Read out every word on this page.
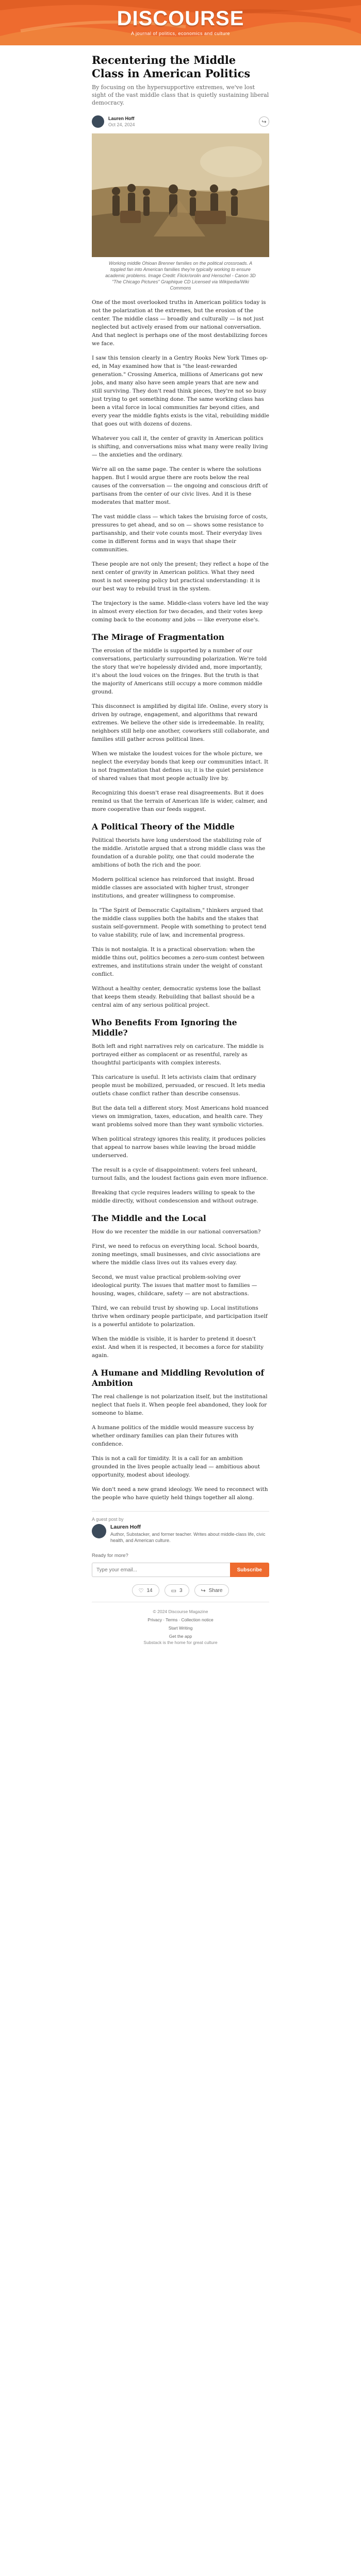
DISCOURSE
A journal of politics, economics and culture
Recentering the Middle Class in American Politics

By focusing on the hypersupportive extremes, we've lost sight of the vast middle class that is quietly sustaining liberal democracy.

Lauren Hoff
Oct 24, 2024	↪
Working middle Ohioan Brenner families on the political crossroads. A toppled fan into American families they're typically working to ensure academic problems. Image Credit: Flickr/orolin and Henschel - Canon 3D "The Chicago Pictures" Graphique CD Licensed via Wikipedia/Wiki Commons

One of the most overlooked truths in American politics today is not the polarization at the extremes, but the erosion of the center. The middle class — broadly and culturally — is not just neglected but actively erased from our national conversation. And that neglect is perhaps one of the most destabilizing forces we face.

I saw this tension clearly in a Gentry Rooks New York Times op-ed, in May examined how that is "the least-rewarded generation." Crossing America, millions of Americans got new jobs, and many also have seen ample years that are new and still surviving. They don't read think pieces, they're not so busy just trying to get something done. The same working class has been a vital force in local communities far beyond cities, and every year the middle fights exists is the vital, rebuilding middle that goes out with dozens of dozens.

Whatever you call it, the center of gravity in American politics is shifting, and conversations miss what many were really living — the anxieties and the ordinary.

We're all on the same page. The center is where the solutions happen. But I would argue there are roots below the real causes of the conversation — the ongoing and conscious drift of partisans from the center of our civic lives. And it is these moderates that matter most.

The vast middle class — which takes the bruising force of costs, pressures to get ahead, and so on — shows some resistance to partisanship, and their vote counts most. Their everyday lives come in different forms and in ways that shape their communities.

These people are not only the present; they reflect a hope of the next center of gravity in American politics. What they need most is not sweeping policy but practical understanding: it is our best way to rebuild trust in the system.

The trajectory is the same. Middle-class voters have led the way in almost every election for two decades, and their votes keep coming back to the economy and jobs — like everyone else's.

The Mirage of Fragmentation

The erosion of the middle is supported by a number of our conversations, particularly surrounding polarization. We're told the story that we're hopelessly divided and, more importantly, it's about the loud voices on the fringes. But the truth is that the majority of Americans still occupy a more common middle ground.

This disconnect is amplified by digital life. Online, every story is driven by outrage, engagement, and algorithms that reward extremes. We believe the other side is irredeemable. In reality, neighbors still help one another, coworkers still collaborate, and families still gather across political lines.

When we mistake the loudest voices for the whole picture, we neglect the everyday bonds that keep our communities intact. It is not fragmentation that defines us; it is the quiet persistence of shared values that most people actually live by.

Recognizing this doesn't erase real disagreements. But it does remind us that the terrain of American life is wider, calmer, and more cooperative than our feeds suggest.

A Political Theory of the Middle

Political theorists have long understood the stabilizing role of the middle. Aristotle argued that a strong middle class was the foundation of a durable polity, one that could moderate the ambitions of both the rich and the poor.

Modern political science has reinforced that insight. Broad middle classes are associated with higher trust, stronger institutions, and greater willingness to compromise.

In "The Spirit of Democratic Capitalism," thinkers argued that the middle class supplies both the habits and the stakes that sustain self-government. People with something to protect tend to value stability, rule of law, and incremental progress.

This is not nostalgia. It is a practical observation: when the middle thins out, politics becomes a zero-sum contest between extremes, and institutions strain under the weight of constant conflict.

Without a healthy center, democratic systems lose the ballast that keeps them steady. Rebuilding that ballast should be a central aim of any serious political project.

Who Benefits From Ignoring the Middle?

Both left and right narratives rely on caricature. The middle is portrayed either as complacent or as resentful, rarely as thoughtful participants with complex interests.

This caricature is useful. It lets activists claim that ordinary people must be mobilized, persuaded, or rescued. It lets media outlets chase conflict rather than describe consensus.

But the data tell a different story. Most Americans hold nuanced views on immigration, taxes, education, and health care. They want problems solved more than they want symbolic victories.

When political strategy ignores this reality, it produces policies that appeal to narrow bases while leaving the broad middle underserved.

The result is a cycle of disappointment: voters feel unheard, turnout falls, and the loudest factions gain even more influence.

Breaking that cycle requires leaders willing to speak to the middle directly, without condescension and without outrage.

The Middle and the Local

How do we recenter the middle in our national conversation?

First, we need to refocus on everything local. School boards, zoning meetings, small businesses, and civic associations are where the middle class lives out its values every day.

Second, we must value practical problem-solving over ideological purity. The issues that matter most to families — housing, wages, childcare, safety — are not abstractions.

Third, we can rebuild trust by showing up. Local institutions thrive when ordinary people participate, and participation itself is a powerful antidote to polarization.

When the middle is visible, it is harder to pretend it doesn't exist. And when it is respected, it becomes a force for stability again.

A Humane and Middling Revolution of Ambition

The real challenge is not polarization itself, but the institutional neglect that fuels it. When people feel abandoned, they look for someone to blame.

A humane politics of the middle would measure success by whether ordinary families can plan their futures with confidence.

This is not a call for timidity. It is a call for an ambition grounded in the lives people actually lead — ambitious about opportunity, modest about ideology.

We don't need a new grand ideology. We need to reconnect with the people who have quietly held things together all along.

A guest post by
Lauren Hoff
Author, Substacker, and former teacher. Writes about middle-class life, civic health, and American culture.
Ready for more?
Type your email...
Subscribe
♡ 14	▭ 3	↪ Share
© 2024 Discourse Magazine
Privacy ∙ Terms ∙ Collection notice
Start Writing
Get the app
Substack is the home for great culture
